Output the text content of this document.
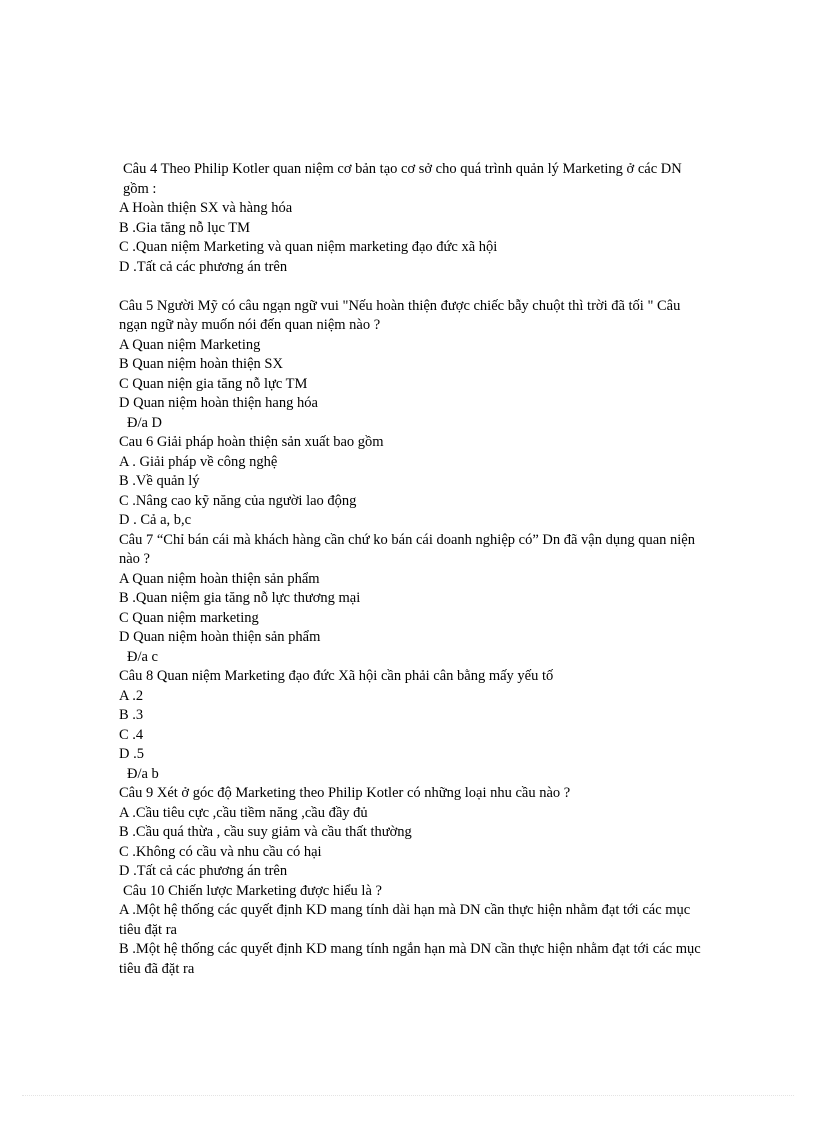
Câu 4 Theo Philip Kotler quan niệm cơ bản tạo cơ sở cho quá trình quản lý Marketing ở các DN gồm :
A Hoàn thiện SX và hàng hóa
B .Gia tăng nỗ lục TM
C .Quan niệm Marketing và quan niệm marketing đạo đức xã hội
D .Tất cả các phương án trên
Câu 5 Người Mỹ có câu ngạn ngữ vui "Nếu hoàn thiện được chiếc bẫy chuột thì trời đã tối " Câu ngạn ngữ này muốn nói đến quan niệm nào ?
A Quan niệm Marketing
B Quan niệm hoàn thiện SX
C Quan niện gia tăng nỗ lực TM
D Quan niệm hoàn thiện hang hóa
Đ/a D
Cau 6 Giải pháp hoàn thiện sản xuất bao gồm
A . Giải pháp về công nghệ
B .Về quản lý
C .Nâng cao kỹ năng của người lao động
D . Cả a, b,c
Câu 7 “Chỉ bán cái mà khách hàng cần chứ ko bán cái doanh nghiệp có” Dn đã vận dụng quan niện nào ?
A Quan niệm hoàn thiện sản phẩm
B .Quan niệm gia tăng nỗ lực thương mại
C Quan niệm marketing
D Quan niệm hoàn thiện sản phẩm
Đ/a c
Câu 8 Quan niệm Marketing đạo đức Xã hội cần phải cân bằng mấy yếu tố
A .2
B .3
C .4
D .5
Đ/a b
Câu 9 Xét ở góc độ Marketing theo Philip Kotler có những loại nhu cầu nào ?
A .Cầu tiêu cực ,cầu tiềm năng ,cầu đầy đủ
B .Cầu quá thừa , cầu suy giảm và cầu thất thường
C .Không có cầu và nhu cầu có hại
D .Tất cả các phương án trên
Câu 10 Chiến lược Marketing được hiểu là ?
A .Một hệ thống các quyết định KD mang tính dài hạn mà DN cần thực hiện nhằm đạt tới các mục tiêu đặt ra
B .Một hệ thống các quyết định KD mang tính ngắn hạn mà DN cần thực hiện nhằm đạt tới các mục tiêu đã đặt ra
